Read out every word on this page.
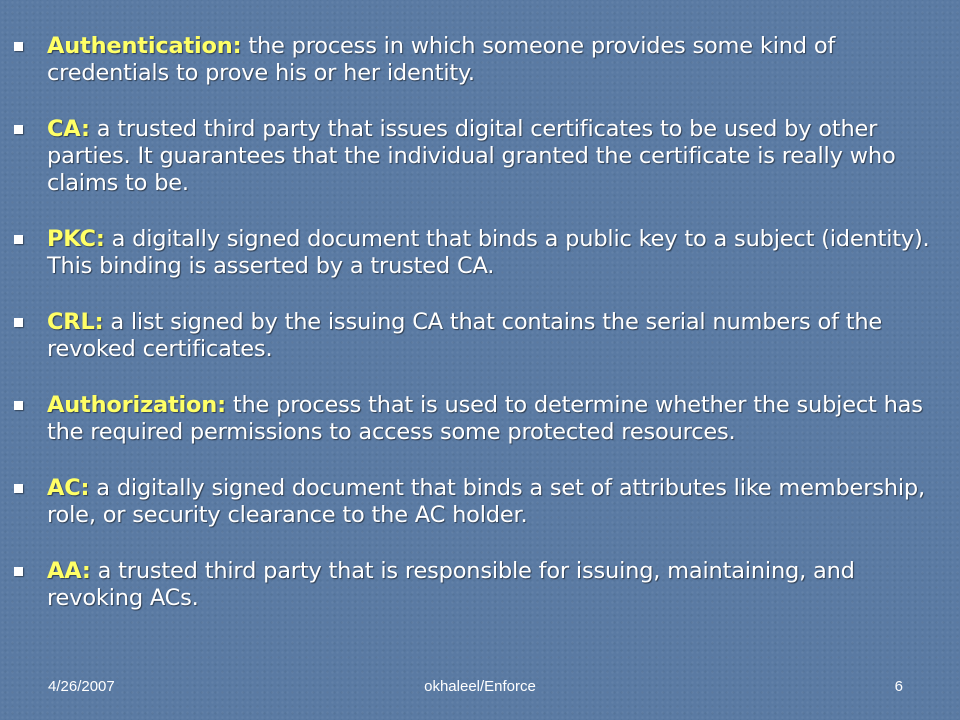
Authentication: the process in which someone provides some kind of credentials to prove his or her identity.
CA: a trusted third party that issues digital certificates to be used by other parties. It guarantees that the individual granted the certificate is really who claims to be.
PKC: a digitally signed document that binds a public key to a subject (identity). This binding is asserted by a trusted CA.
CRL: a list signed by the issuing CA that contains the serial numbers of the revoked certificates.
Authorization: the process that is used to determine whether the subject has the required permissions to access some protected resources.
AC: a digitally signed document that binds a set of attributes like membership, role, or security clearance to the AC holder.
AA: a trusted third party that is responsible for issuing, maintaining, and revoking ACs.
4/26/2007	okhaleel/Enforce	6
